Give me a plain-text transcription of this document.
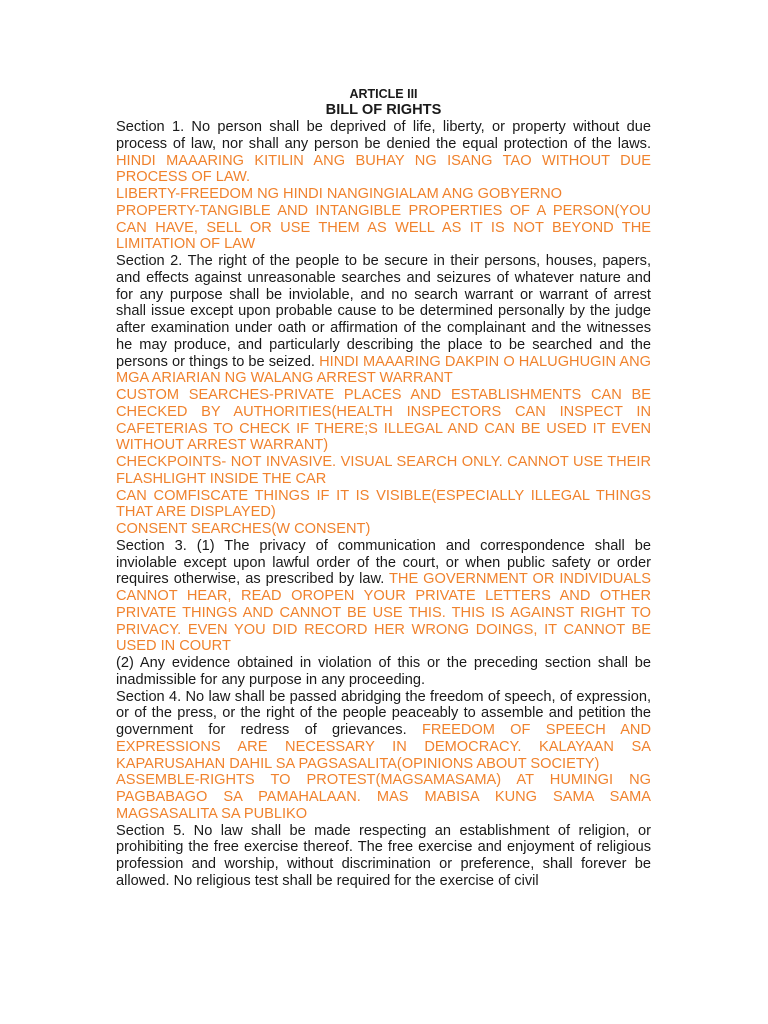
ARTICLE III
BILL OF RIGHTS

Section 1. No person shall be deprived of life, liberty, or property without due process of law, nor shall any person be denied the equal protection of the laws. HINDI MAAARING KITILIN ANG BUHAY NG ISANG TAO WITHOUT DUE PROCESS OF LAW.

LIBERTY-FREEDOM NG HINDI NANGINGIALAM ANG GOBYERNO

PROPERTY-TANGIBLE AND INTANGIBLE PROPERTIES OF A PERSON(YOU CAN HAVE, SELL OR USE THEM AS WELL AS IT IS NOT BEYOND THE LIMITATION OF LAW

Section 2. The right of the people to be secure in their persons, houses, papers, and effects against unreasonable searches and seizures of whatever nature and for any purpose shall be inviolable, and no search warrant or warrant of arrest shall issue except upon probable cause to be determined personally by the judge after examination under oath or affirmation of the complainant and the witnesses he may produce, and particularly describing the place to be searched and the persons or things to be seized. HINDI MAAARING DAKPIN O HALUGHUGIN ANG MGA ARIARIAN NG WALANG ARREST WARRANT

CUSTOM SEARCHES-PRIVATE PLACES AND ESTABLISHMENTS CAN BE CHECKED BY AUTHORITIES(HEALTH INSPECTORS CAN INSPECT IN CAFETERIAS TO CHECK IF THERE;S ILLEGAL AND CAN BE USED IT EVEN WITHOUT ARREST WARRANT)

CHECKPOINTS- NOT INVASIVE. VISUAL SEARCH ONLY. CANNOT USE THEIR FLASHLIGHT INSIDE THE CAR

CAN COMFISCATE THINGS IF IT IS VISIBLE(ESPECIALLY ILLEGAL THINGS THAT ARE DISPLAYED)

CONSENT SEARCHES(W CONSENT)

Section 3. (1) The privacy of communication and correspondence shall be inviolable except upon lawful order of the court, or when public safety or order requires otherwise, as prescribed by law. THE GOVERNMENT OR INDIVIDUALS CANNOT HEAR, READ OROPEN YOUR PRIVATE LETTERS AND OTHER PRIVATE THINGS AND CANNOT BE USE THIS. THIS IS AGAINST RIGHT TO PRIVACY. EVEN YOU DID RECORD HER WRONG DOINGS, IT CANNOT BE USED IN COURT

(2) Any evidence obtained in violation of this or the preceding section shall be inadmissible for any purpose in any proceeding.

Section 4. No law shall be passed abridging the freedom of speech, of expression, or of the press, or the right of the people peaceably to assemble and petition the government for redress of grievances. FREEDOM OF SPEECH AND EXPRESSIONS ARE NECESSARY IN DEMOCRACY. KALAYAAN SA KAPARUSAHAN DAHIL SA PAGSASALITA(OPINIONS ABOUT SOCIETY)

ASSEMBLE-RIGHTS TO PROTEST(MAGSAMASAMA) AT HUMINGI NG PAGBABAGO SA PAMAHALAAN. MAS MABISA KUNG SAMA SAMA MAGSASALITA SA PUBLIKO

Section 5. No law shall be made respecting an establishment of religion, or prohibiting the free exercise thereof. The free exercise and enjoyment of religious profession and worship, without discrimination or preference, shall forever be allowed. No religious test shall be required for the exercise of civil
